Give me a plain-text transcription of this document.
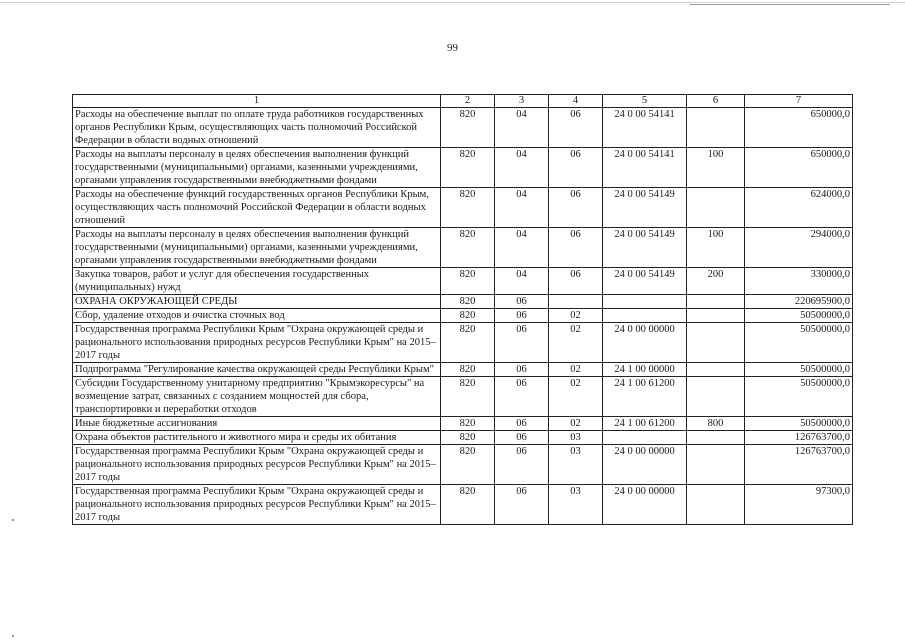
99
1	2	3	4	5	6	7
Расходы на обеспечение выплат по оплате труда работников государственных органов Республики Крым, осуществляющих часть полномочий Российской Федерации в области водных отношений	820	04	06	24 0 00 54141		650000,0
Расходы на выплаты персоналу в целях обеспечения выполнения функций государственными (муниципальными) органами, казенными учреждениями, органами управления государственными внебюджетными фондами	820	04	06	24 0 00 54141	100	650000,0
Расходы на обеспечение функций государственных органов Республики Крым, осуществляющих часть полномочий Российской Федерации в области водных отношений	820	04	06	24 0 00 54149		624000,0
Расходы на выплаты персоналу в целях обеспечения выполнения функций государственными (муниципальными) органами, казенными учреждениями, органами управления государственными внебюджетными фондами	820	04	06	24 0 00 54149	100	294000,0
Закупка товаров, работ и услуг для обеспечения государственных (муниципальных) нужд	820	04	06	24 0 00 54149	200	330000,0
ОХРАНА ОКРУЖАЮЩЕЙ СРЕДЫ	820	06				220695900,0
Сбор, удаление отходов и очистка сточных вод	820	06	02			50500000,0
Государственная программа Республики Крым "Охрана окружающей среды и рационального использования природных ресурсов Республики Крым" на 2015–2017 годы	820	06	02	24 0 00 00000		50500000,0
Подпрограмма "Регулирование качества окружающей среды Республики Крым"	820	06	02	24 1 00 00000		50500000,0
Субсидии Государственному унитарному предприятию "Крымэкоресурсы" на возмещение затрат, связанных с созданием мощностей для сбора, транспортировки и переработки отходов	820	06	02	24 1 00 61200		50500000,0
Иные бюджетные ассигнования	820	06	02	24 1 00 61200	800	50500000,0
Охрана объектов растительного и животного мира и среды их обитания	820	06	03			126763700,0
Государственная программа Республики Крым "Охрана окружающей среды и рационального использования природных ресурсов Республики Крым" на 2015–2017 годы	820	06	03	24 0 00 00000		126763700,0
Государственная программа Республики Крым "Охрана окружающей среды и рационального использования природных ресурсов Республики Крым" на 2015–2017 годы	820	06	03	24 0 00 00000		97300,0
